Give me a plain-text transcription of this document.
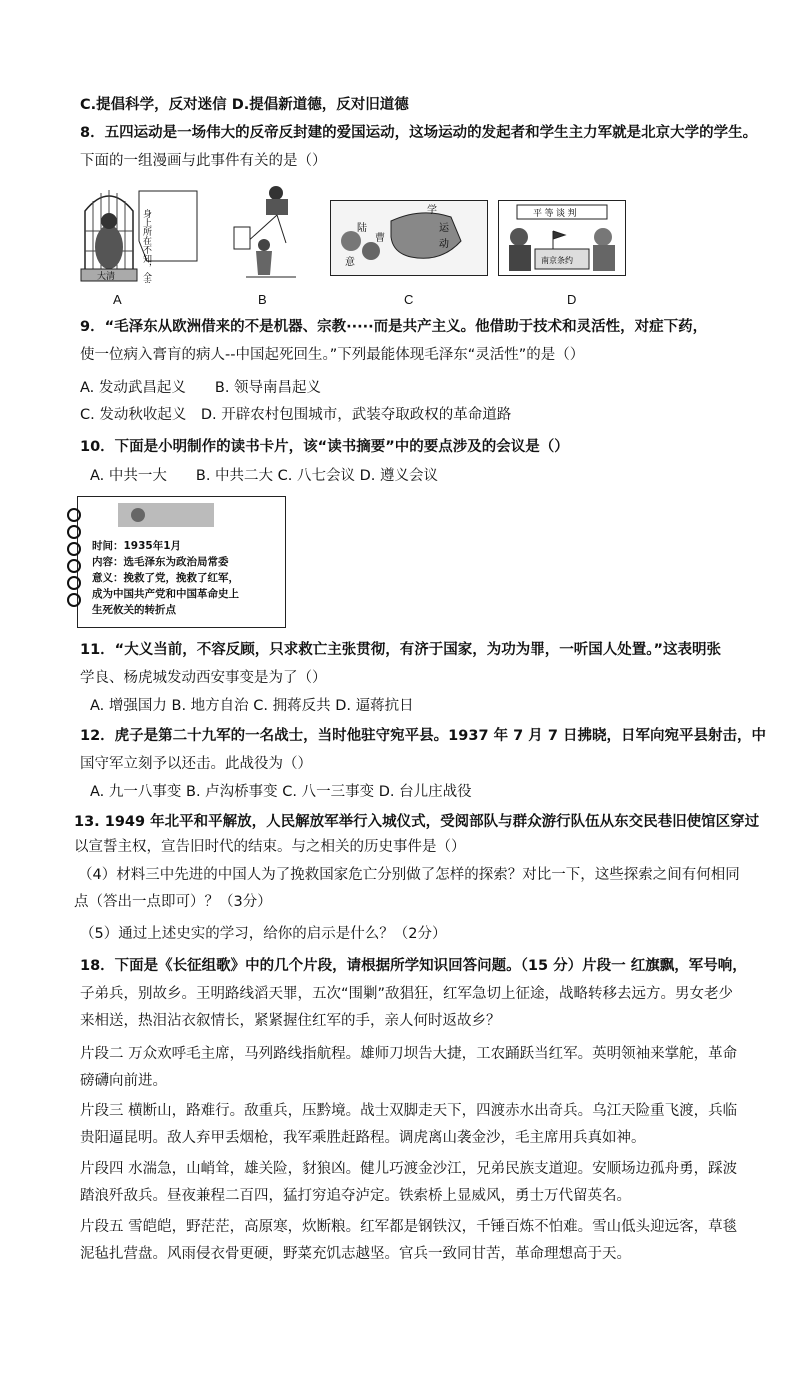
C.提倡科学，反对迷信 D.提倡新道德，反对旧道德
8．五四运动是一场伟大的反帝反封建的爱国运动，这场运动的发起者和学生主力军就是北京大学的学生。
下面的一组漫画与此事件有关的是（）
大清	身上所在不知，全身长着国安	意
陆
曹
学
运
动
平 等 谈 判
南京条约
A	B	C	D
9．“毛泽东从欧洲借来的不是机器、宗教·····而是共产主义。他借助于技术和灵活性，对症下药，
使一位病入膏肓的病人--中国起死回生。”下列最能体现毛泽东“灵活性”的是（）
A. 发动武昌起义　　B. 领导南昌起义
C. 发动秋收起义　D. 开辟农村包围城市，武装夺取政权的革命道路
10．下面是小明制作的读书卡片，该“读书摘要”中的要点涉及的会议是（）
A. 中共一大　　B. 中共二大 C. 八七会议 D. 遵义会议
时间：1935年1月
内容：选毛泽东为政治局常委
意义：挽救了党，挽救了红军，
成为中国共产党和中国革命史上
生死攸关的转折点
11．“大义当前，不容反顾，只求救亡主张贯彻，有济于国家，为功为罪，一听国人处置。”这表明张
学良、杨虎城发动西安事变是为了（）
A. 增强国力 B. 地方自治 C. 拥蒋反共 D. 逼蒋抗日
12．虎子是第二十九军的一名战士，当时他驻守宛平县。1937 年 7 月 7 日拂晓，日军向宛平县射击，中
国守军立刻予以还击。此战役为（）
A. 九一八事变 B. 卢沟桥事变 C. 八一三事变 D. 台儿庄战役
13. 1949 年北平和平解放，人民解放军举行入城仪式，受阅部队与群众游行队伍从东交民巷旧使馆区穿过
以宣誓主权，宣告旧时代的结束。与之相关的历史事件是（）
（4）材料三中先进的中国人为了挽救国家危亡分别做了怎样的探索？对比一下，这些探索之间有何相同
点（答出一点即可）？（3分）
（5）通过上述史实的学习，给你的启示是什么？（2分）
18．下面是《长征组歌》中的几个片段，请根据所学知识回答问题。（15 分）片段一 红旗飘，军号响，
子弟兵，别故乡。王明路线滔天罪，五次“围剿”敌猖狂，红军急切上征途，战略转移去远方。男女老少
来相送，热泪沾衣叙情长，紧紧握住红军的手，亲人何时返故乡？
片段二 万众欢呼毛主席，马列路线指航程。雄师刀坝告大捷，工农踊跃当红军。英明领袖来掌舵，革命
磅礴向前进。
片段三 横断山，路难行。敌重兵，压黔境。战士双脚走天下，四渡赤水出奇兵。乌江天险重飞渡，兵临
贵阳逼昆明。敌人弃甲丢烟枪，我军乘胜赶路程。调虎离山袭金沙，毛主席用兵真如神。
片段四 水湍急，山峭耸，雄关险，豺狼凶。健儿巧渡金沙江，兄弟民族支道迎。安顺场边孤舟勇，踩波
踏浪歼敌兵。昼夜兼程二百四，猛打穷追夺泸定。铁索桥上显威风，勇士万代留英名。
片段五 雪皑皑，野茫茫，高原寒，炊断粮。红军都是钢铁汉，千锤百炼不怕难。雪山低头迎远客，草毯
泥毡扎营盘。风雨侵衣骨更硬，野菜充饥志越坚。官兵一致同甘苦，革命理想高于天。
